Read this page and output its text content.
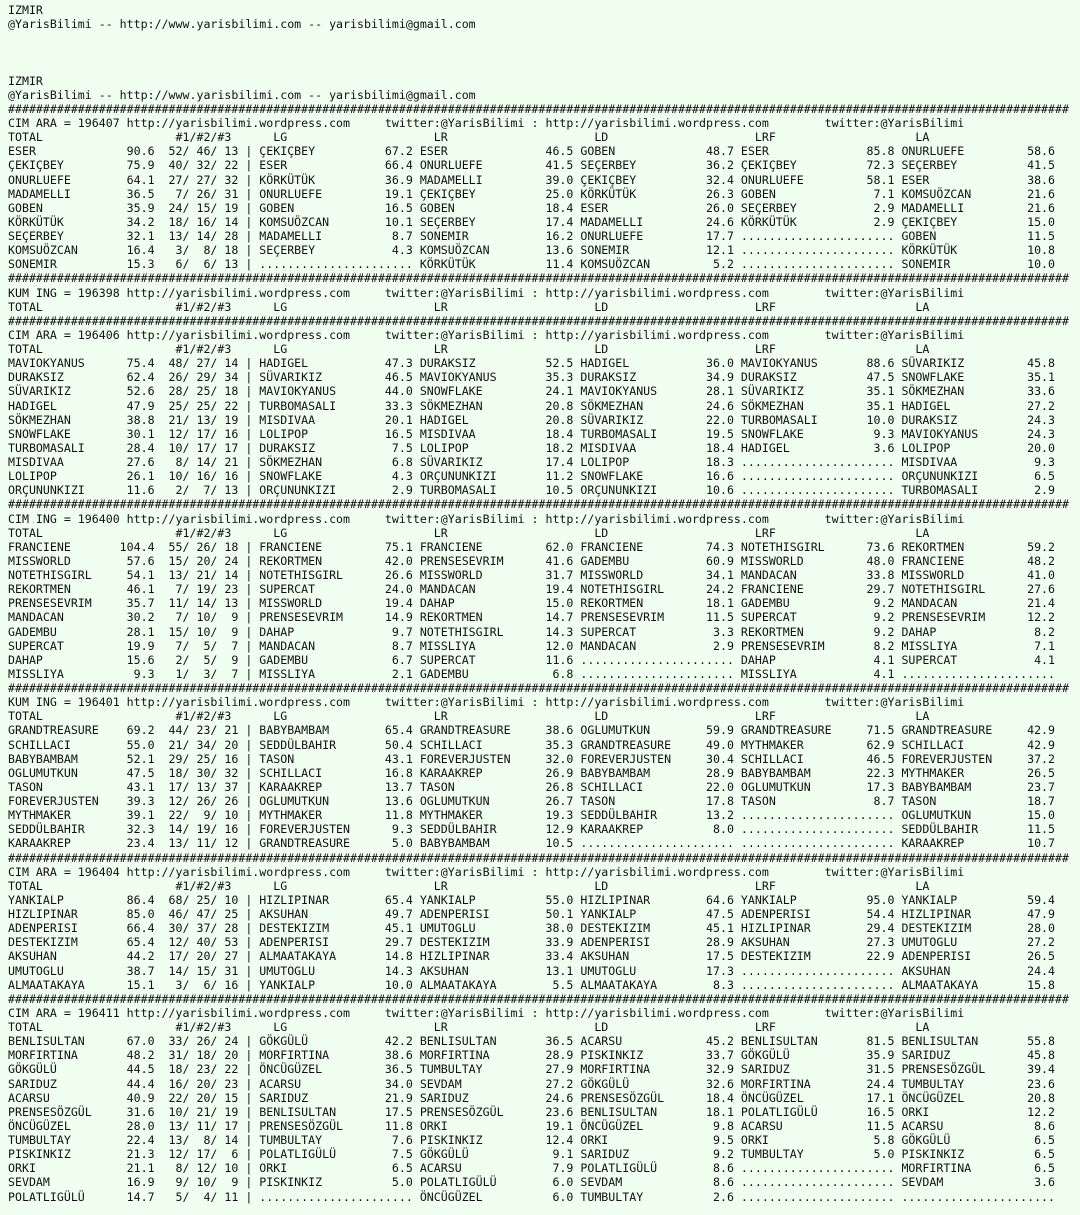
IZMIR
@YarisBilimi -- http://www.yarisbilimi.com -- yarisbilimi@gmail.com

IZMIR
@YarisBilimi -- http://www.yarisbilimi.com -- yarisbilimi@gmail.com

########################################################################################################################################################
CIM ARA = 196407 http://yarisbilimi.wordpress.com     twitter:@YarisBilimi : http://yarisbilimi.wordpress.com        twitter:@YarisBilimi
TOTAL                   #1/#2/#3      LG                     LR                     LD                     LRF                    LA
ESER             90.6  52/ 46/ 13 | ÇEKIÇBEY          67.2 ESER              46.5 GOBEN             48.7 ESER              85.8 ONURLUEFE         58.6
ÇEKIÇBEY         75.9  40/ 32/ 22 | ESER              66.4 ONURLUEFE         41.5 SEÇERBEY          36.2 ÇEKIÇBEY          72.3 SEÇERBEY          41.5
ONURLUEFE        64.1  27/ 27/ 32 | KÖRKÜTÜK          36.9 MADAMELLI         39.0 ÇEKIÇBEY          32.4 ONURLUEFE         58.1 ESER              38.6
MADAMELLI        36.5   7/ 26/ 31 | ONURLUEFE         19.1 ÇEKIÇBEY          25.0 KÖRKÜTÜK          26.3 GOBEN              7.1 KOMSUÖZCAN        21.6
GOBEN            35.9  24/ 15/ 19 | GOBEN             16.5 GOBEN             18.4 ESER              26.0 SEÇERBEY           2.9 MADAMELLI         21.6
KÖRKÜTÜK         34.2  18/ 16/ 14 | KOMSUÖZCAN        10.1 SEÇERBEY          17.4 MADAMELLI         24.6 KÖRKÜTÜK           2.9 ÇEKIÇBEY          15.0
SEÇERBEY         32.1  13/ 14/ 28 | MADAMELLI          8.7 SONEMIR           16.2 ONURLUEFE         17.7 ...................... GOBEN             11.5
KOMSUÖZCAN       16.4   3/  8/ 18 | SEÇERBEY           4.3 KOMSUÖZCAN        13.6 SONEMIR           12.1 ...................... KÖRKÜTÜK          10.8
SONEMIR          15.3   6/  6/ 13 | ...................... KÖRKÜTÜK          11.4 KOMSUÖZCAN         5.2 ...................... SONEMIR           10.0

########################################################################################################################################################
KUM ING = 196398 http://yarisbilimi.wordpress.com     twitter:@YarisBilimi : http://yarisbilimi.wordpress.com        twitter:@YarisBilimi
TOTAL                   #1/#2/#3      LG                     LR                     LD                     LRF                    LA

########################################################################################################################################################
CIM ARA = 196406 http://yarisbilimi.wordpress.com     twitter:@YarisBilimi : http://yarisbilimi.wordpress.com        twitter:@YarisBilimi
TOTAL                   #1/#2/#3      LG                     LR                     LD                     LRF                    LA
MAVIOKYANUS      75.4  48/ 27/ 14 | HADIGEL           47.3 DURAKSIZ          52.5 HADIGEL           36.0 MAVIOKYANUS       88.6 SÜVARIKIZ         45.8
DURAKSIZ         62.4  26/ 29/ 34 | SÜVARIKIZ         46.5 MAVIOKYANUS       35.3 DURAKSIZ          34.9 DURAKSIZ          47.5 SNOWFLAKE         35.1
SÜVARIKIZ        52.6  28/ 25/ 18 | MAVIOKYANUS       44.0 SNOWFLAKE         24.1 MAVIOKYANUS       28.1 SÜVARIKIZ         35.1 SÖKMEZHAN         33.6
HADIGEL          47.9  25/ 25/ 22 | TURBOMASALI       33.3 SÖKMEZHAN         20.8 SÖKMEZHAN         24.6 SÖKMEZHAN         35.1 HADIGEL           27.2
SÖKMEZHAN        38.8  21/ 13/ 19 | MISDIVAA          20.1 HADIGEL           20.8 SÜVARIKIZ         22.0 TURBOMASALI       10.0 DURAKSIZ          24.3
SNOWFLAKE        30.1  12/ 17/ 16 | LOLIPOP           16.5 MISDIVAA          18.4 TURBOMASALI       19.5 SNOWFLAKE          9.3 MAVIOKYANUS       24.3
TURBOMASALI      28.4  10/ 17/ 17 | DURAKSIZ           7.5 LOLIPOP           18.2 MISDIVAA          18.4 HADIGEL            3.6 LOLIPOP           20.0
MISDIVAA         27.6   8/ 14/ 21 | SÖKMEZHAN          6.8 SÜVARIKIZ         17.4 LOLIPOP           18.3 ...................... MISDIVAA           9.3
LOLIPOP          26.1  10/ 16/ 16 | SNOWFLAKE          4.3 ORÇUNUNKIZI       11.2 SNOWFLAKE         16.6 ...................... ORÇUNUNKIZI        6.5
ORÇUNUNKIZI      11.6   2/  7/ 13 | ORÇUNUNKIZI        2.9 TURBOMASALI       10.5 ORÇUNUNKIZI       10.6 ...................... TURBOMASALI        2.9

########################################################################################################################################################
CIM ING = 196400 http://yarisbilimi.wordpress.com     twitter:@YarisBilimi : http://yarisbilimi.wordpress.com        twitter:@YarisBilimi
TOTAL                   #1/#2/#3      LG                     LR                     LD                     LRF                    LA
FRANCIENE       104.4  55/ 26/ 18 | FRANCIENE         75.1 FRANCIENE         62.0 FRANCIENE         74.3 NOTETHISGIRL      73.6 REKORTMEN         59.2
MISSWORLD        57.6  15/ 20/ 24 | REKORTMEN         42.0 PRENSESEVRIM      41.6 GADEMBU           60.9 MISSWORLD         48.0 FRANCIENE         48.2
NOTETHISGIRL     54.1  13/ 21/ 14 | NOTETHISGIRL      26.6 MISSWORLD         31.7 MISSWORLD         34.1 MANDACAN          33.8 MISSWORLD         41.0
REKORTMEN        46.1   7/ 19/ 23 | SUPERCAT          24.0 MANDACAN          19.4 NOTETHISGIRL      24.2 FRANCIENE         29.7 NOTETHISGIRL      27.6
PRENSESEVRIM     35.7  11/ 14/ 13 | MISSWORLD         19.4 DAHAP             15.0 REKORTMEN         18.1 GADEMBU            9.2 MANDACAN          21.4
MANDACAN         30.2   7/ 10/  9 | PRENSESEVRIM      14.9 REKORTMEN         14.7 PRENSESEVRIM      11.5 SUPERCAT           9.2 PRENSESEVRIM      12.2
GADEMBU          28.1  15/ 10/  9 | DAHAP              9.7 NOTETHISGIRL      14.3 SUPERCAT           3.3 REKORTMEN          9.2 DAHAP              8.2
SUPERCAT         19.9   7/  5/  7 | MANDACAN           8.7 MISSLIYA          12.0 MANDACAN           2.9 PRENSESEVRIM       8.2 MISSLIYA           7.1
DAHAP            15.6   2/  5/  9 | GADEMBU            6.7 SUPERCAT          11.6 ...................... DAHAP              4.1 SUPERCAT           4.1
MISSLIYA          9.3   1/  3/  7 | MISSLIYA           2.1 GADEMBU            6.8 ...................... MISSLIYA           4.1 ......................

########################################################################################################################################################
KUM ING = 196401 http://yarisbilimi.wordpress.com     twitter:@YarisBilimi : http://yarisbilimi.wordpress.com        twitter:@YarisBilimi
TOTAL                   #1/#2/#3      LG                     LR                     LD                     LRF                    LA
GRANDTREASURE    69.2  44/ 23/ 21 | BABYBAMBAM        65.4 GRANDTREASURE     38.6 OGLUMUTKUN        59.9 GRANDTREASURE     71.5 GRANDTREASURE     42.9
SCHILLACI        55.0  21/ 34/ 20 | SEDDÜLBAHIR       50.4 SCHILLACI         35.3 GRANDTREASURE     49.0 MYTHMAKER         62.9 SCHILLACI         42.9
BABYBAMBAM       52.1  29/ 25/ 16 | TASON             43.1 FOREVERJUSTEN     32.0 FOREVERJUSTEN     30.4 SCHILLACI         46.5 FOREVERJUSTEN     37.2
OGLUMUTKUN       47.5  18/ 30/ 32 | SCHILLACI         16.8 KARAAKREP         26.9 BABYBAMBAM        28.9 BABYBAMBAM        22.3 MYTHMAKER         26.5
TASON            43.1  17/ 13/ 37 | KARAAKREP         13.7 TASON             26.8 SCHILLACI         22.0 OGLUMUTKUN        17.3 BABYBAMBAM        23.7
FOREVERJUSTEN    39.3  12/ 26/ 26 | OGLUMUTKUN        13.6 OGLUMUTKUN        26.7 TASON             17.8 TASON              8.7 TASON             18.7
MYTHMAKER        39.1  22/  9/ 10 | MYTHMAKER         11.8 MYTHMAKER         19.3 SEDDÜLBAHIR       13.2 ...................... OGLUMUTKUN        15.0
SEDDÜLBAHIR      32.3  14/ 19/ 16 | FOREVERJUSTEN      9.3 SEDDÜLBAHIR       12.9 KARAAKREP          8.0 ...................... SEDDÜLBAHIR       11.5
KARAAKREP        23.4  13/ 11/ 12 | GRANDTREASURE      5.0 BABYBAMBAM        10.5 ...................... ...................... KARAAKREP         10.7

########################################################################################################################################################
CIM ARA = 196404 http://yarisbilimi.wordpress.com     twitter:@YarisBilimi : http://yarisbilimi.wordpress.com        twitter:@YarisBilimi
TOTAL                   #1/#2/#3      LG                     LR                     LD                     LRF                    LA
YANKIALP         86.4  68/ 25/ 10 | HIZLIPINAR        65.4 YANKIALP          55.0 HIZLIPINAR        64.6 YANKIALP          95.0 YANKIALP          59.4
HIZLIPINAR       85.0  46/ 47/ 25 | AKSUHAN           49.7 ADENPERISI        50.1 YANKIALP          47.5 ADENPERISI        54.4 HIZLIPINAR        47.9
ADENPERISI       66.4  30/ 37/ 28 | DESTEKIZIM        45.1 UMUTOGLU          38.0 DESTEKIZIM        45.1 HIZLIPINAR        29.4 DESTEKIZIM        28.0
DESTEKIZIM       65.4  12/ 40/ 53 | ADENPERISI        29.7 DESTEKIZIM        33.9 ADENPERISI        28.9 AKSUHAN           27.3 UMUTOGLU          27.2
AKSUHAN          44.2  17/ 20/ 27 | ALMAATAKAYA       14.8 HIZLIPINAR        33.4 AKSUHAN           17.5 DESTEKIZIM        22.9 ADENPERISI        26.5
UMUTOGLU         38.7  14/ 15/ 31 | UMUTOGLU          14.3 AKSUHAN           13.1 UMUTOGLU          17.3 ...................... AKSUHAN           24.4
ALMAATAKAYA      15.1   3/  6/ 16 | YANKIALP          10.0 ALMAATAKAYA        5.5 ALMAATAKAYA        8.3 ...................... ALMAATAKAYA       15.8

########################################################################################################################################################
CIM ARA = 196411 http://yarisbilimi.wordpress.com     twitter:@YarisBilimi : http://yarisbilimi.wordpress.com        twitter:@YarisBilimi
TOTAL                   #1/#2/#3      LG                     LR                     LD                     LRF                    LA
BENLISULTAN      67.0  33/ 26/ 24 | GÖKGÜLÜ           42.2 BENLISULTAN       36.5 ACARSU            45.2 BENLISULTAN       81.5 BENLISULTAN       55.8
MORFIRTINA       48.2  31/ 18/ 20 | MORFIRTINA        38.6 MORFIRTINA        28.9 PISKINKIZ         33.7 GÖKGÜLÜ           35.9 SARIDUZ           45.8
GÖKGÜLÜ          44.5  18/ 23/ 22 | ÖNCÜGÜZEL         36.5 TUMBULTAY         27.9 MORFIRTINA        32.9 SARIDUZ           31.5 PRENSESÖZGÜL      39.4
SARIDUZ          44.4  16/ 20/ 23 | ACARSU            34.0 SEVDAM            27.2 GÖKGÜLÜ           32.6 MORFIRTINA        24.4 TUMBULTAY         23.6
ACARSU           40.9  22/ 20/ 15 | SARIDUZ           21.9 SARIDUZ           24.6 PRENSESÖZGÜL      18.4 ÖNCÜGÜZEL         17.1 ÖNCÜGÜZEL         20.8
PRENSESÖZGÜL     31.6  10/ 21/ 19 | BENLISULTAN       17.5 PRENSESÖZGÜL      23.6 BENLISULTAN       18.1 POLATLIGÜLÜ       16.5 ORKI              12.2
ÖNCÜGÜZEL        28.0  13/ 11/ 17 | PRENSESÖZGÜL      11.8 ORKI              19.1 ÖNCÜGÜZEL          9.8 ACARSU            11.5 ACARSU             8.6
TUMBULTAY        22.4  13/  8/ 14 | TUMBULTAY          7.6 PISKINKIZ         12.4 ORKI               9.5 ORKI               5.8 GÖKGÜLÜ            6.5
PISKINKIZ        21.3  12/ 17/  6 | POLATLIGÜLÜ        7.5 GÖKGÜLÜ            9.1 SARIDUZ            9.2 TUMBULTAY          5.0 PISKINKIZ          6.5
ORKI             21.1   8/ 12/ 10 | ORKI               6.5 ACARSU             7.9 POLATLIGÜLÜ        8.6 ...................... MORFIRTINA         6.5
SEVDAM           16.9   9/ 10/  9 | PISKINKIZ          5.0 POLATLIGÜLÜ        6.0 SEVDAM             8.6 ...................... SEVDAM             3.6
POLATLIGÜLÜ      14.7   5/  4/ 11 | ...................... ÖNCÜGÜZEL          6.0 TUMBULTAY          2.6 ...................... ......................
